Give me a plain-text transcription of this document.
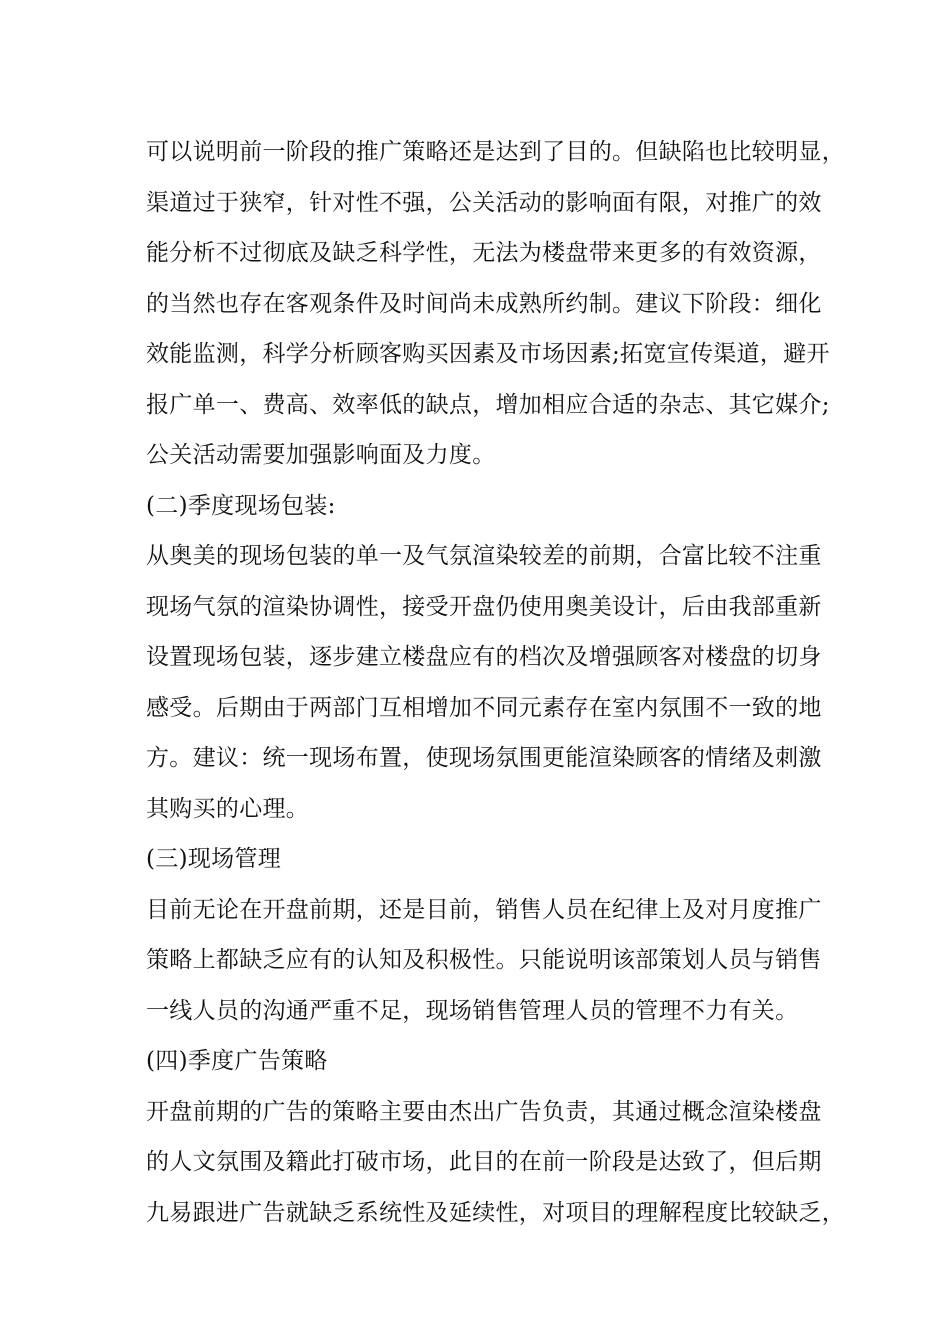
可以说明前一阶段的推广策略还是达到了目的。但缺陷也比较明显，
渠道过于狭窄，针对性不强，公关活动的影响面有限，对推广的效
能分析不过彻底及缺乏科学性，无法为楼盘带来更多的有效资源，
的当然也存在客观条件及时间尚未成熟所约制。建议下阶段：细化
效能监测，科学分析顾客购买因素及市场因素;拓宽宣传渠道，避开
报广单一、费高、效率低的缺点，增加相应合适的杂志、其它媒介;
公关活动需要加强影响面及力度。
(二)季度现场包装:
从奥美的现场包装的单一及气氛渲染较差的前期，合富比较不注重
现场气氛的渲染协调性，接受开盘仍使用奥美设计，后由我部重新
设置现场包装，逐步建立楼盘应有的档次及增强顾客对楼盘的切身
感受。后期由于两部门互相增加不同元素存在室内氛围不一致的地
方。建议：统一现场布置，使现场氛围更能渲染顾客的情绪及刺激
其购买的心理。
(三)现场管理
目前无论在开盘前期，还是目前，销售人员在纪律上及对月度推广
策略上都缺乏应有的认知及积极性。只能说明该部策划人员与销售
一线人员的沟通严重不足，现场销售管理人员的管理不力有关。
(四)季度广告策略
开盘前期的广告的策略主要由杰出广告负责，其通过概念渲染楼盘
的人文氛围及籍此打破市场，此目的在前一阶段是达致了，但后期
九易跟进广告就缺乏系统性及延续性，对项目的理解程度比较缺乏，
